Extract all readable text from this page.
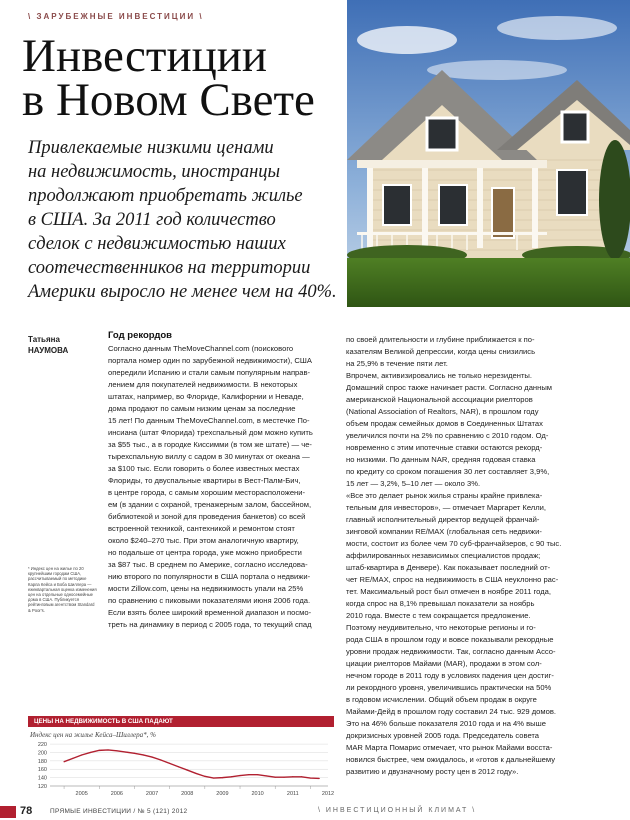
\ ЗАРУБЕЖНЫЕ ИНВЕСТИЦИИ \
Инвестиции
в Новом Свете

Привлекаемые низкими ценами
на недвижимость, иностранцы
продолжают приобретать жилье
в США. За 2011 год количество
сделок с недвижимостью наших
соотечественников на территории
Америки выросло не менее чем на 40%.

Татьяна
НАУМОВА
* Индекс цен на жилье по 20 крупнейшим городам США, рассчитываемый по методике Карла Кейса и Бобa Шиллера — ежеквартальная оценка изменения цен на отдельные односемейные дома в США. Публикуется рейтинговым агентством Standard & Poor's.
Год рекордов
Согласно данным TheMoveChannel.com (поискового
портала номер один по зарубежной недвижимости), США
опередили Испанию и стали самым популярным направ-
лением для покупателей недвижимости. В некоторых
штатах, например, во Флориде, Калифорнии и Неваде,
дома продают по самым низким ценам за последние
15 лет! По данным TheMoveChannel.com, в местечке По-
инсиана (штат Флорида) трехспальный дом можно купить
за $55 тыс., а в городке Киссимми (в том же штате) — че-
тырехспальную виллу с садом в 30 минутах от океана —
за $100 тыс. Если говорить о более известных местах
Флориды, то двуспальные квартиры в Вест-Палм-Бич,
в центре города, с самым хорошим месторасположени-
ем (в здании с охраной, тренажерным залом, бассейном,
библиотекой и зоной для проведения банкетов) со всей
встроенной техникой, сантехникой и ремонтом стоят
около $240–270 тыс. При этом аналогичную квартиру,
но подальше от центра города, уже можно приобрести
за $87 тыс. В среднем по Америке, согласно исследова-
нию второго по популярности в США портала о недвижи-
мости Zillow.com, цены на недвижимость упали на 25%
по сравнению с пиковыми показателями июня 2006 года.
Если взять более широкий временной диапазон и посмо-
треть на динамику в период с 2005 года, то текущий спад
по своей длительности и глубине приближается к по-
казателям Великой депрессии, когда цены снизились
на 25,9% в течение пяти лет.
Впрочем, активизировались не только нерезиденты.
Домашний спрос также начинает расти. Согласно данным
американской Национальной ассоциации риелторов
(National Association of Realtors, NAR), в прошлом году
объем продаж семейных домов в Соединенных Штатах
увеличился почти на 2% по сравнению с 2010 годом. Од-
новременно с этим ипотечные ставки остаются рекорд-
но низкими. По данным NAR, средняя годовая ставка
по кредиту со сроком погашения 30 лет составляет 3,9%,
15 лет — 3,2%, 5–10 лет — около 3%.
«Все это делает рынок жилья страны крайне привлека-
тельным для инвесторов», — отмечает Маргарет Келли,
главный исполнительный директор ведущей франчай-
зинговой компании RE/MAX (глобальная сеть недвижи-
мости, состоит из более чем 70 суб-франчайзеров, с 90 тыс.
аффилированных независимых специалистов продаж;
штаб-квартира в Денвере). Как показывает последний от-
чет RE/MAX, спрос на недвижимость в США неуклонно рас-
тет. Максимальный рост был отмечен в ноябре 2011 года,
когда спрос на 8,1% превышал показатели за ноябрь
2010 года. Вместе с тем сокращается предложение.
Поэтому неудивительно, что некоторые регионы и го-
рода США в прошлом году и вовсе показывали рекордные
уровни продаж недвижимости. Так, согласно данным Ассо-
циации риелторов Майами (MAR), продажи в этом сол-
нечном городе в 2011 году в условиях падения цен достиг-
ли рекордного уровня, увеличившись практически на 50%
в годовом исчислении. Общий объем продаж в округе
Майами-Дейд в прошлом году составил 24 тыс. 929 домов.
Это на 46% больше показателя 2010 года и на 4% выше
докризисных уровней 2005 года. Председатель совета
MAR Марта Помарис отмечает, что рынок Майами восста-
новился быстрее, чем ожидалось, и «готов к дальнейшему
развитию и двузначному росту цен в 2012 году».
ЦЕНЫ НА НЕДВИЖИМОСТЬ В США ПАДАЮТ
Индекс цен на жилье Кейса–Шиллера*, %
120
140
160
180
200
220
2005	2006	2007	2008	2009	2010	2011	2012
78	ПРЯМЫЕ ИНВЕСТИЦИИ / № 5 (121) 2012	\ ИНВЕСТИЦИОННЫЙ КЛИМАТ \
